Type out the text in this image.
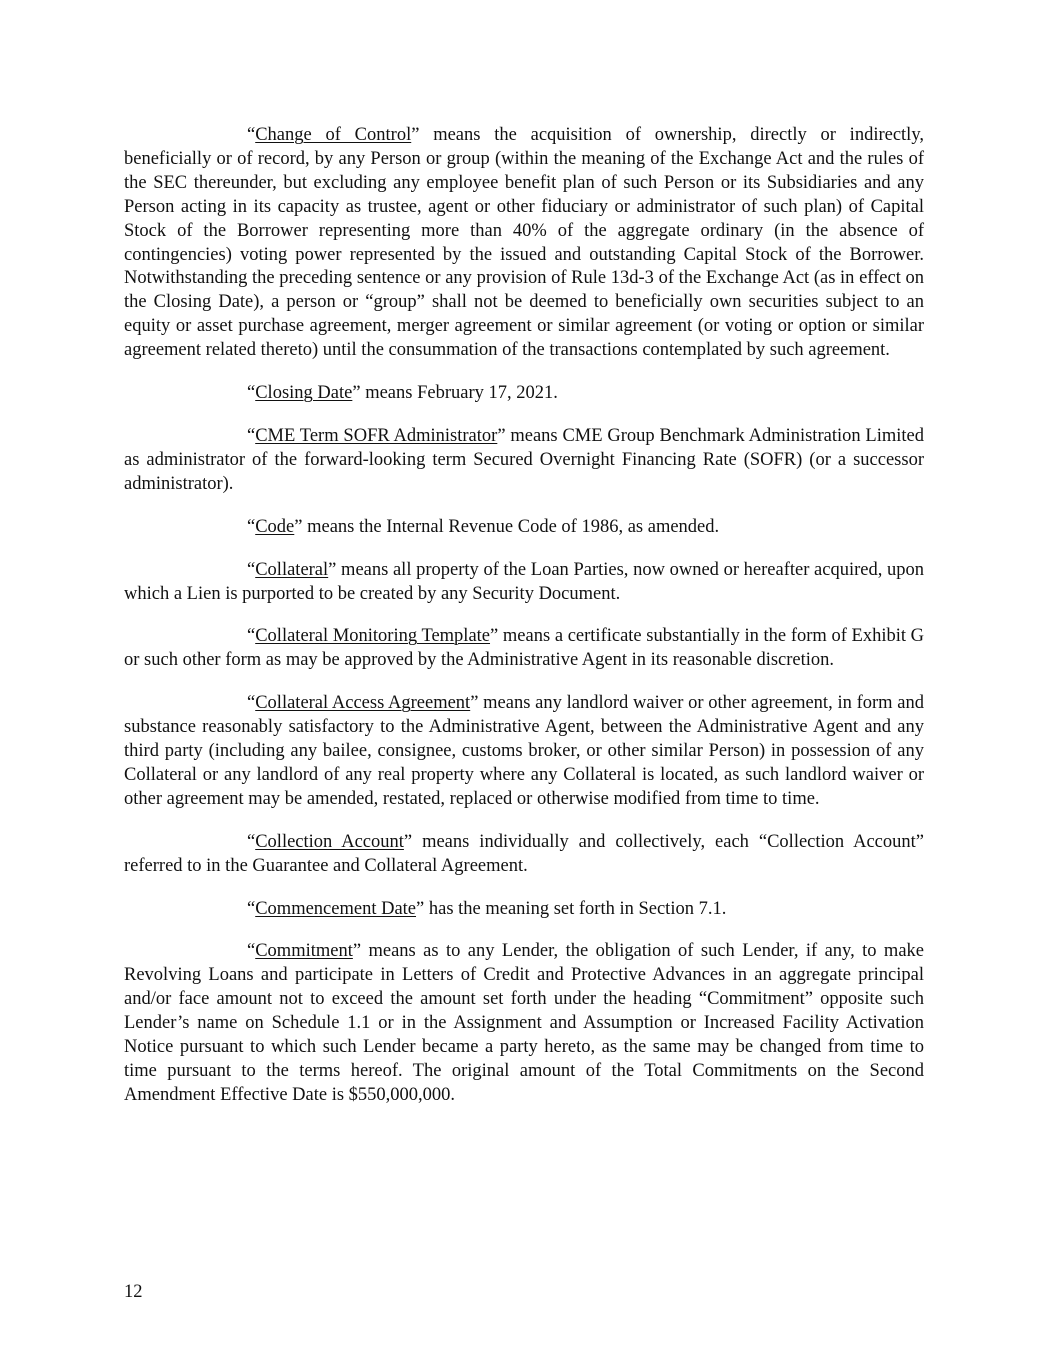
“Change of Control” means the acquisition of ownership, directly or indirectly, beneficially or of record, by any Person or group (within the meaning of the Exchange Act and the rules of the SEC thereunder, but excluding any employee benefit plan of such Person or its Subsidiaries and any Person acting in its capacity as trustee, agent or other fiduciary or administrator of such plan) of Capital Stock of the Borrower representing more than 40% of the aggregate ordinary (in the absence of contingencies) voting power represented by the issued and outstanding Capital Stock of the Borrower. Notwithstanding the preceding sentence or any provision of Rule 13d-3 of the Exchange Act (as in effect on the Closing Date), a person or “group” shall not be deemed to beneficially own securities subject to an equity or asset purchase agreement, merger agreement or similar agreement (or voting or option or similar agreement related thereto) until the consummation of the transactions contemplated by such agreement.

“Closing Date” means February 17, 2021.

“CME Term SOFR Administrator” means CME Group Benchmark Administration Limited as administrator of the forward-looking term Secured Overnight Financing Rate (SOFR) (or a successor administrator).

“Code” means the Internal Revenue Code of 1986, as amended.

“Collateral” means all property of the Loan Parties, now owned or hereafter acquired, upon which a Lien is purported to be created by any Security Document.

“Collateral Monitoring Template” means a certificate substantially in the form of Exhibit G or such other form as may be approved by the Administrative Agent in its reasonable discretion.

“Collateral Access Agreement” means any landlord waiver or other agreement, in form and substance reasonably satisfactory to the Administrative Agent, between the Administrative Agent and any third party (including any bailee, consignee, customs broker, or other similar Person) in possession of any Collateral or any landlord of any real property where any Collateral is located, as such landlord waiver or other agreement may be amended, restated, replaced or otherwise modified from time to time.

“Collection Account” means individually and collectively, each “Collection Account” referred to in the Guarantee and Collateral Agreement.

“Commencement Date” has the meaning set forth in Section 7.1.

“Commitment” means as to any Lender, the obligation of such Lender, if any, to make Revolving Loans and participate in Letters of Credit and Protective Advances in an aggregate principal and/or face amount not to exceed the amount set forth under the heading “Commitment” opposite such Lender’s name on Schedule 1.1 or in the Assignment and Assumption or Increased Facility Activation Notice pursuant to which such Lender became a party hereto, as the same may be changed from time to time pursuant to the terms hereof. The original amount of the Total Commitments on the Second Amendment Effective Date is $550,000,000.

12
